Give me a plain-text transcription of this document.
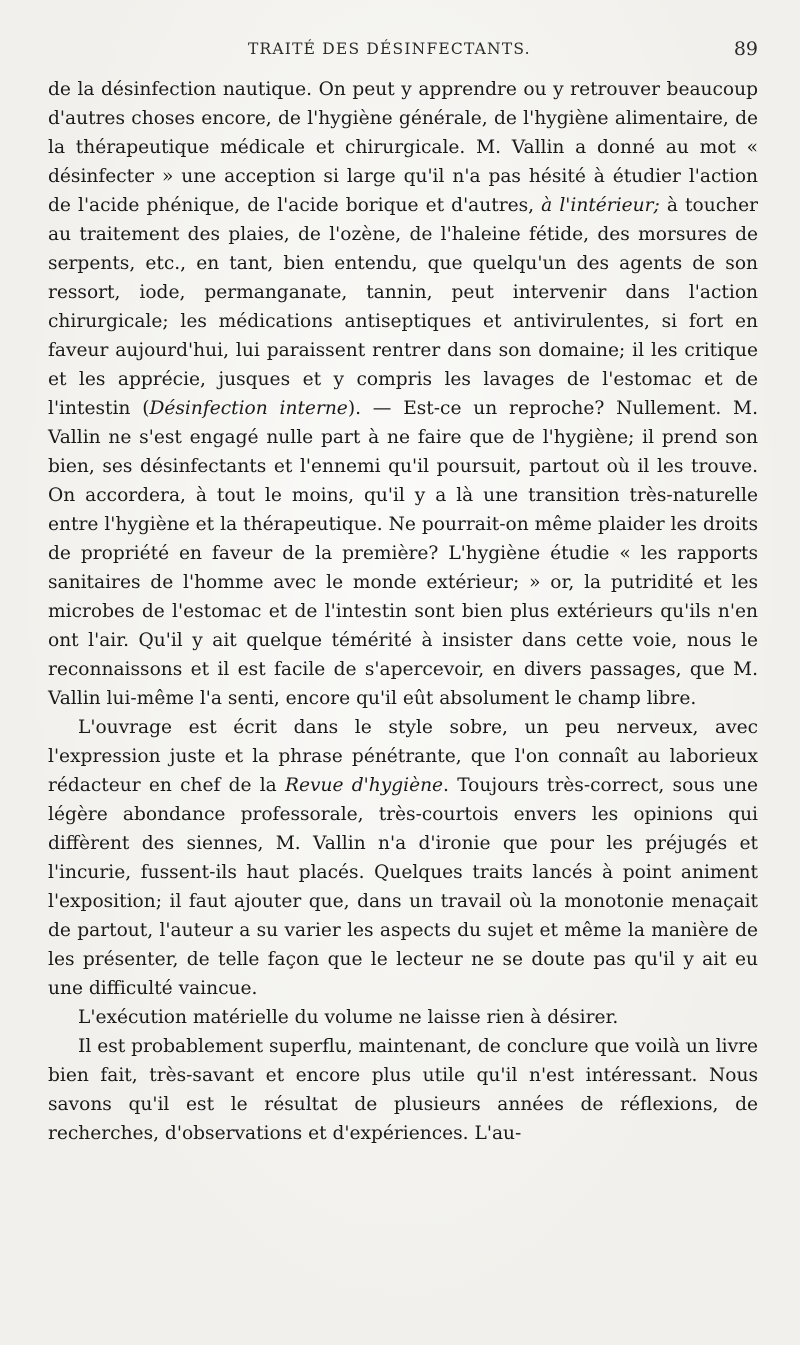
TRAITÉ DES DÉSINFECTANTS.	89

de la désinfection nautique. On peut y apprendre ou y retrouver beaucoup d'autres choses encore, de l'hygiène générale, de l'hygiène alimentaire, de la thérapeutique médicale et chirurgicale. M. Vallin a donné au mot « désinfecter » une acception si large qu'il n'a pas hésité à étudier l'action de l'acide phénique, de l'acide borique et d'autres, à l'intérieur; à toucher au traitement des plaies, de l'ozène, de l'haleine fétide, des morsures de serpents, etc., en tant, bien entendu, que quelqu'un des agents de son ressort, iode, permanganate, tannin, peut intervenir dans l'action chirurgicale; les médications antiseptiques et antivirulentes, si fort en faveur aujourd'hui, lui paraissent rentrer dans son domaine; il les critique et les apprécie, jusques et y compris les lavages de l'estomac et de l'intestin (Désinfection interne). — Est-ce un reproche? Nullement. M. Vallin ne s'est engagé nulle part à ne faire que de l'hygiène; il prend son bien, ses désinfectants et l'ennemi qu'il poursuit, partout où il les trouve. On accordera, à tout le moins, qu'il y a là une transition très-naturelle entre l'hygiène et la thérapeutique. Ne pourrait-on même plaider les droits de propriété en faveur de la première? L'hygiène étudie « les rapports sanitaires de l'homme avec le monde extérieur; » or, la putridité et les microbes de l'estomac et de l'intestin sont bien plus extérieurs qu'ils n'en ont l'air. Qu'il y ait quelque témérité à insister dans cette voie, nous le reconnaissons et il est facile de s'apercevoir, en divers passages, que M. Vallin lui-même l'a senti, encore qu'il eût absolument le champ libre.

L'ouvrage est écrit dans le style sobre, un peu nerveux, avec l'expression juste et la phrase pénétrante, que l'on connaît au laborieux rédacteur en chef de la Revue d'hygiène. Toujours très-correct, sous une légère abondance professorale, très-courtois envers les opinions qui diffèrent des siennes, M. Vallin n'a d'ironie que pour les préjugés et l'incurie, fussent-ils haut placés. Quelques traits lancés à point animent l'exposition; il faut ajouter que, dans un travail où la monotonie menaçait de partout, l'auteur a su varier les aspects du sujet et même la manière de les présenter, de telle façon que le lecteur ne se doute pas qu'il y ait eu une difficulté vaincue.

L'exécution matérielle du volume ne laisse rien à désirer.

Il est probablement superflu, maintenant, de conclure que voilà un livre bien fait, très-savant et encore plus utile qu'il n'est intéressant. Nous savons qu'il est le résultat de plusieurs années de réflexions, de recherches, d'observations et d'expériences. L'au-
